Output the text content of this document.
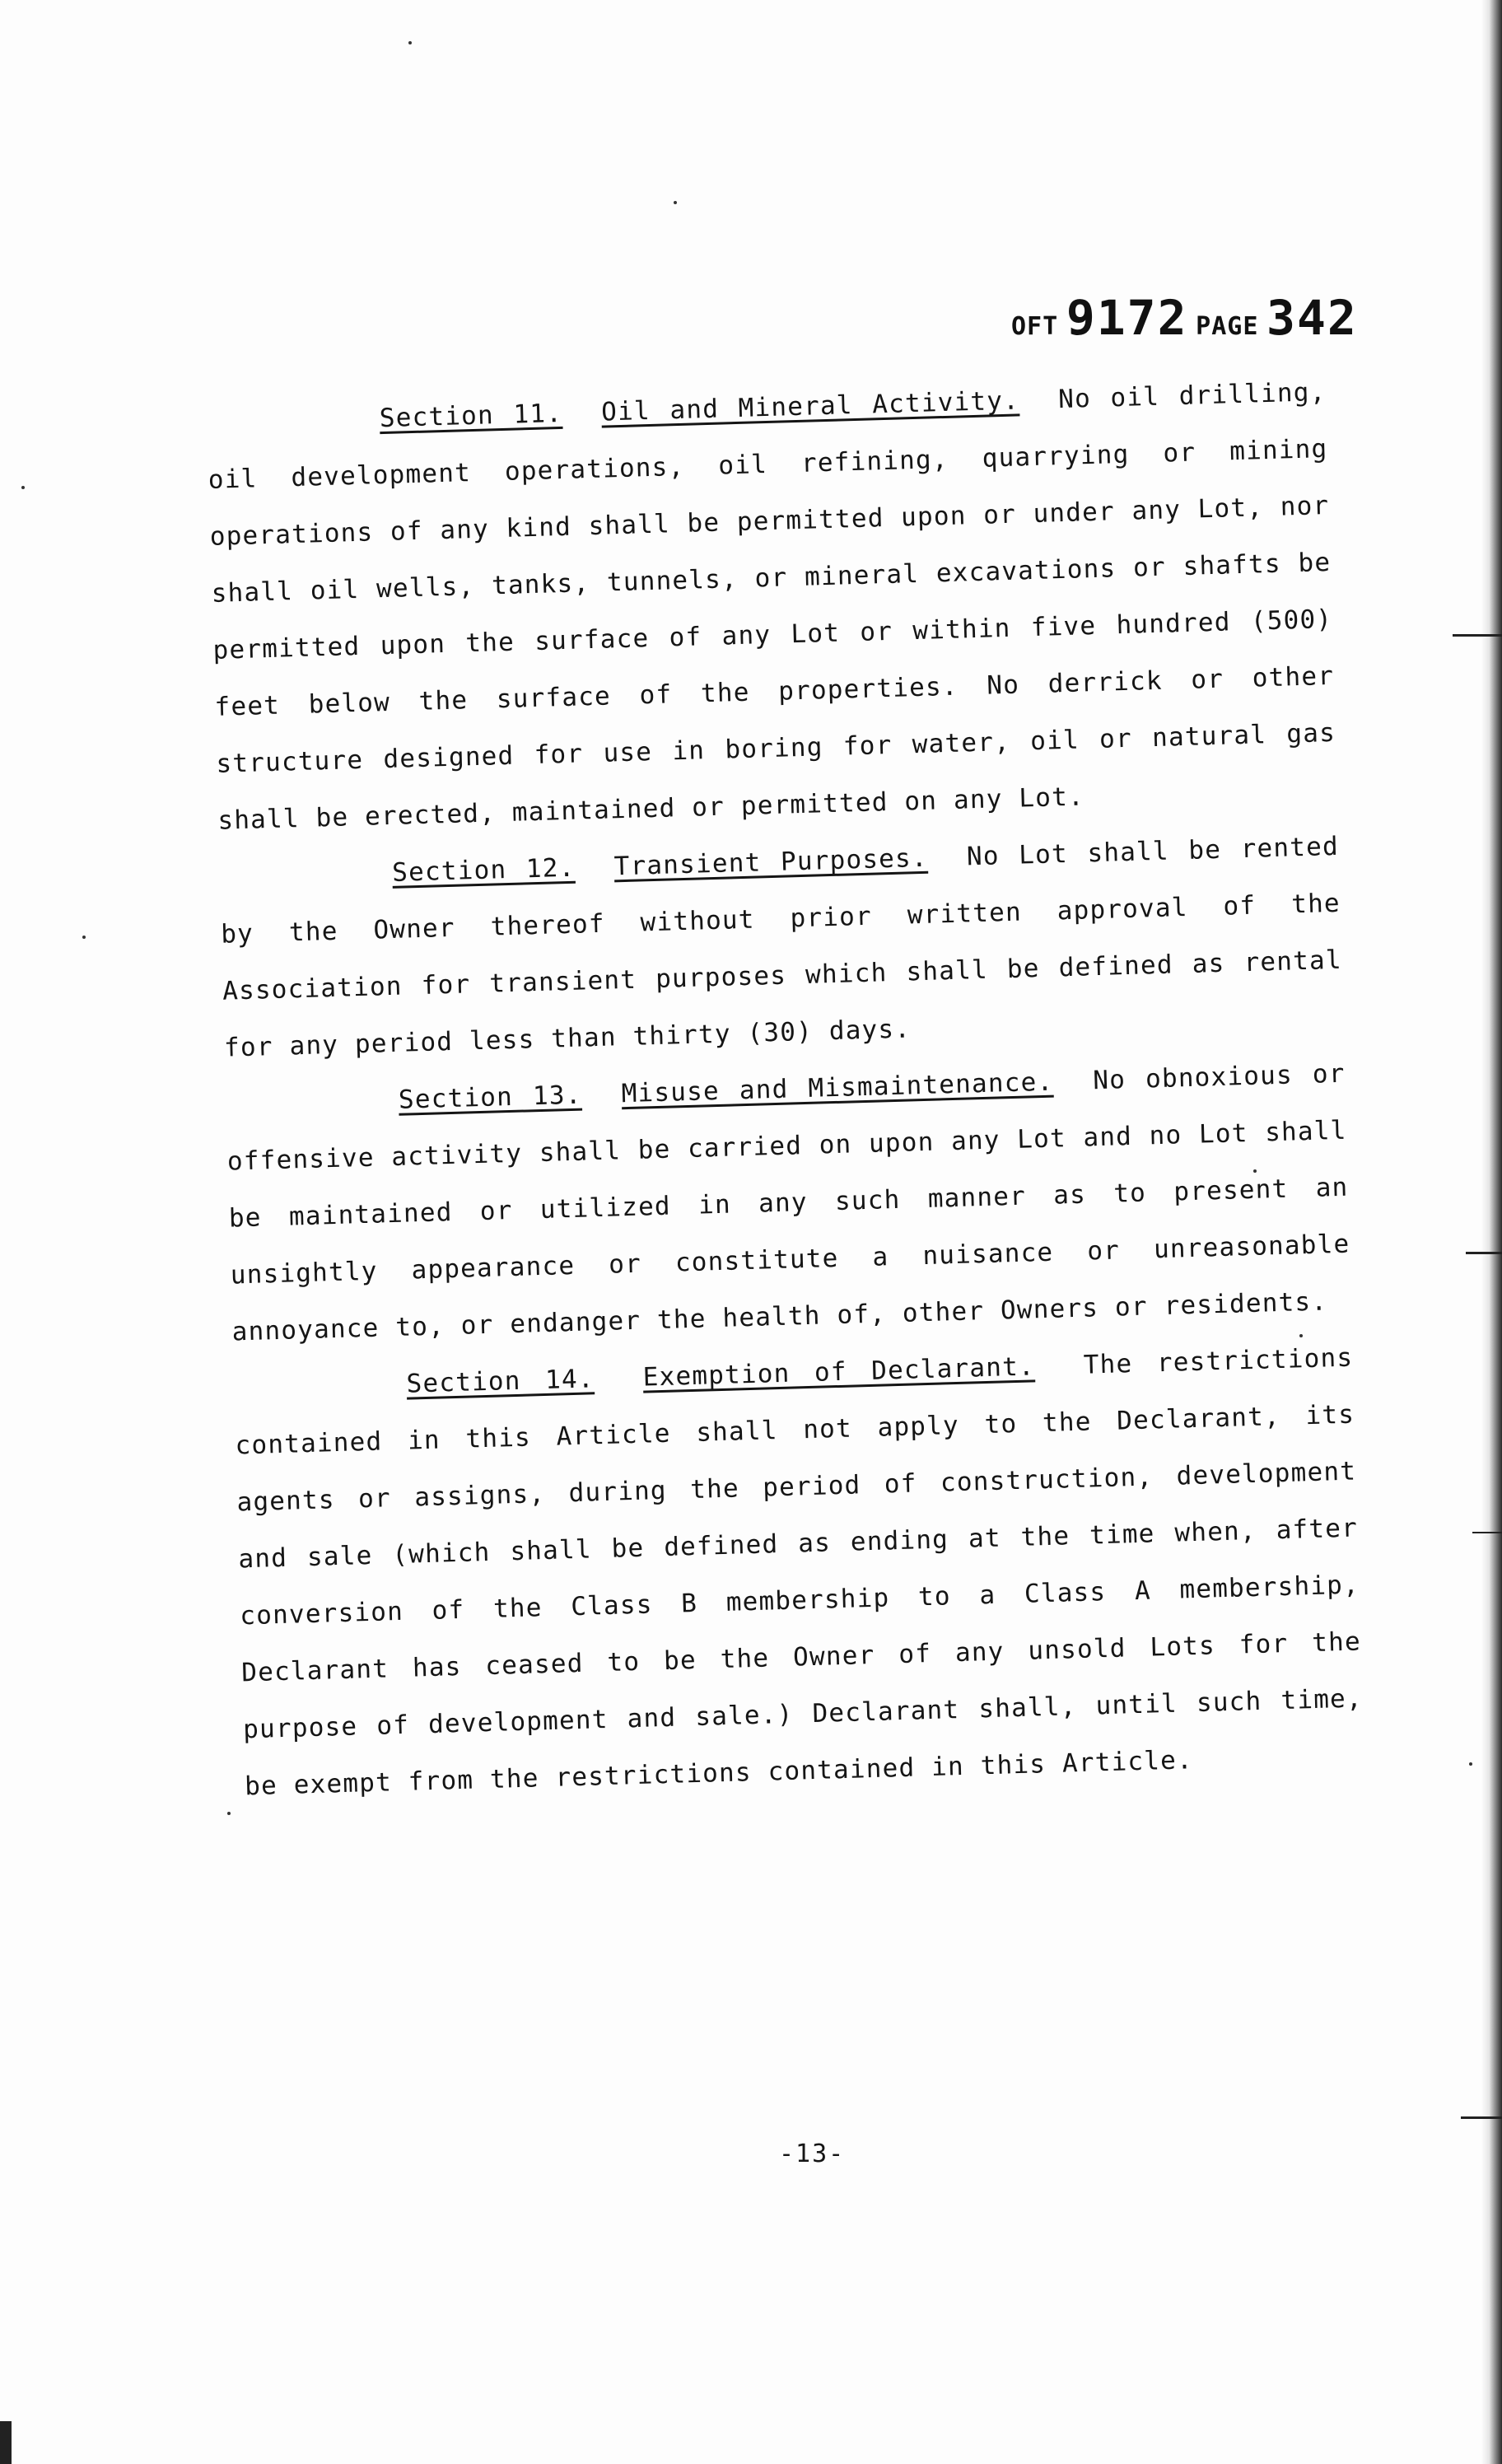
OFT 9172 PAGE 342

Section 11. Oil and Mineral Activity. No oil drilling, oil development operations, oil refining, quarrying or mining operations of any kind shall be permitted upon or under any Lot, nor shall oil wells, tanks, tunnels, or mineral excavations or shafts be permitted upon the surface of any Lot or within five hundred (500) feet below the surface of the properties. No derrick or other structure designed for use in boring for water, oil or natural gas shall be erected, maintained or permitted on any Lot.

Section 12. Transient Purposes. No Lot shall be rented by the Owner thereof without prior written approval of the Association for transient purposes which shall be defined as rental for any period less than thirty (30) days.

Section 13. Misuse and Mismaintenance. No obnoxious or offensive activity shall be carried on upon any Lot and no Lot shall be maintained or utilized in any such manner as to present an unsightly appearance or constitute a nuisance or unreasonable annoyance to, or endanger the health of, other Owners or residents.

Section 14. Exemption of Declarant. The restrictions contained in this Article shall not apply to the Declarant, its agents or assigns, during the period of construction, development and sale (which shall be defined as ending at the time when, after conversion of the Class B membership to a Class A membership, Declarant has ceased to be the Owner of any unsold Lots for the purpose of development and sale.) Declarant shall, until such time, be exempt from the restrictions contained in this Article.

-13-
